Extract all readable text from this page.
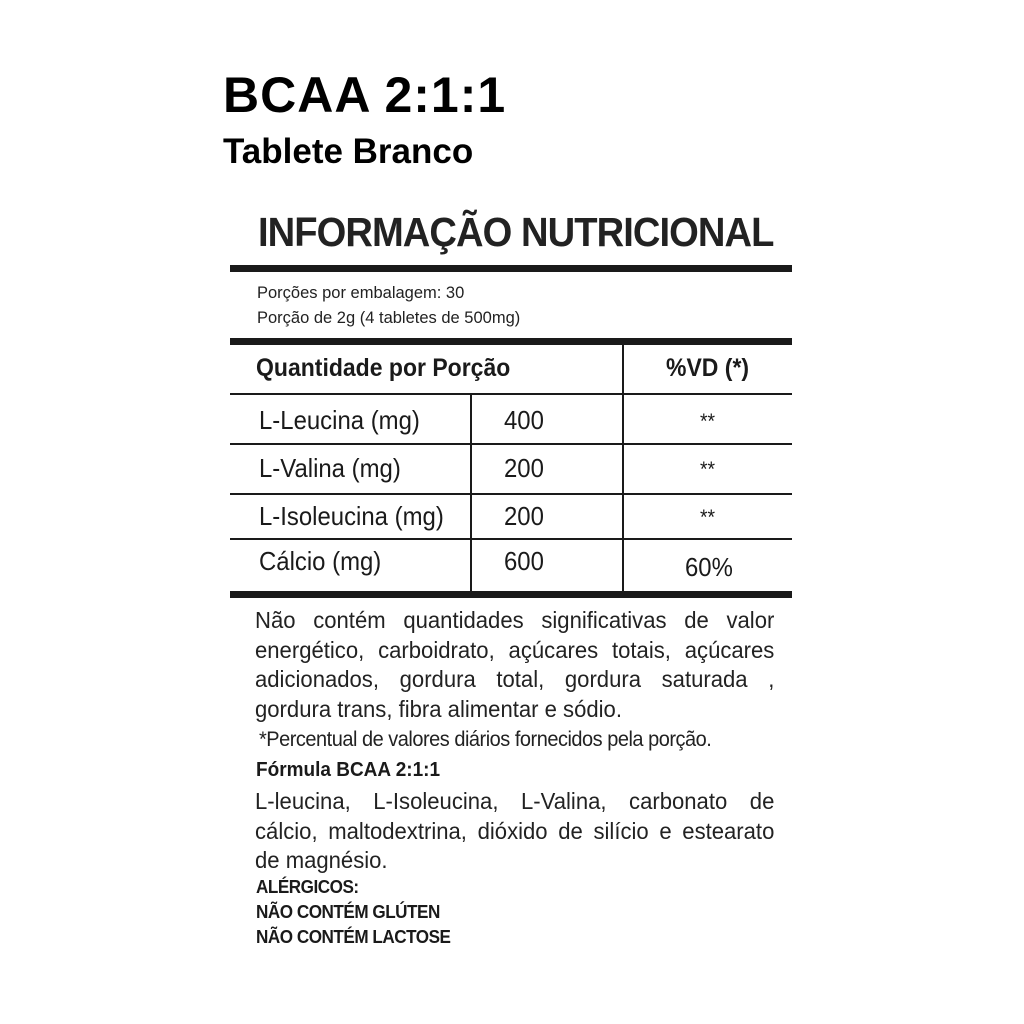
BCAA 2:1:1
Tablete Branco
INFORMAÇÃO NUTRICIONAL
Porções por embalagem: 30
Porção de 2g (4 tabletes de 500mg)
Quantidade por Porção	%VD (*)
L-Leucina (mg)	400	**
L-Valina (mg)	200	**
L-Isoleucina (mg) 200	**
Cálcio (mg)	600	60%
Não contém quantidades significativas de valor energético, carboidrato, açúcares totais, açúcares adicionados, gordura total, gordura saturada , gordura trans, fibra alimentar e sódio.
*Percentual de valores diários fornecidos pela porção.
Fórmula BCAA 2:1:1
L-leucina, L-Isoleucina, L-Valina, carbonato de cálcio, maltodextrina, dióxido de silício e estearato de magnésio.
ALÉRGICOS:
NÃO CONTÉM GLÚTEN
NÃO CONTÉM LACTOSE
